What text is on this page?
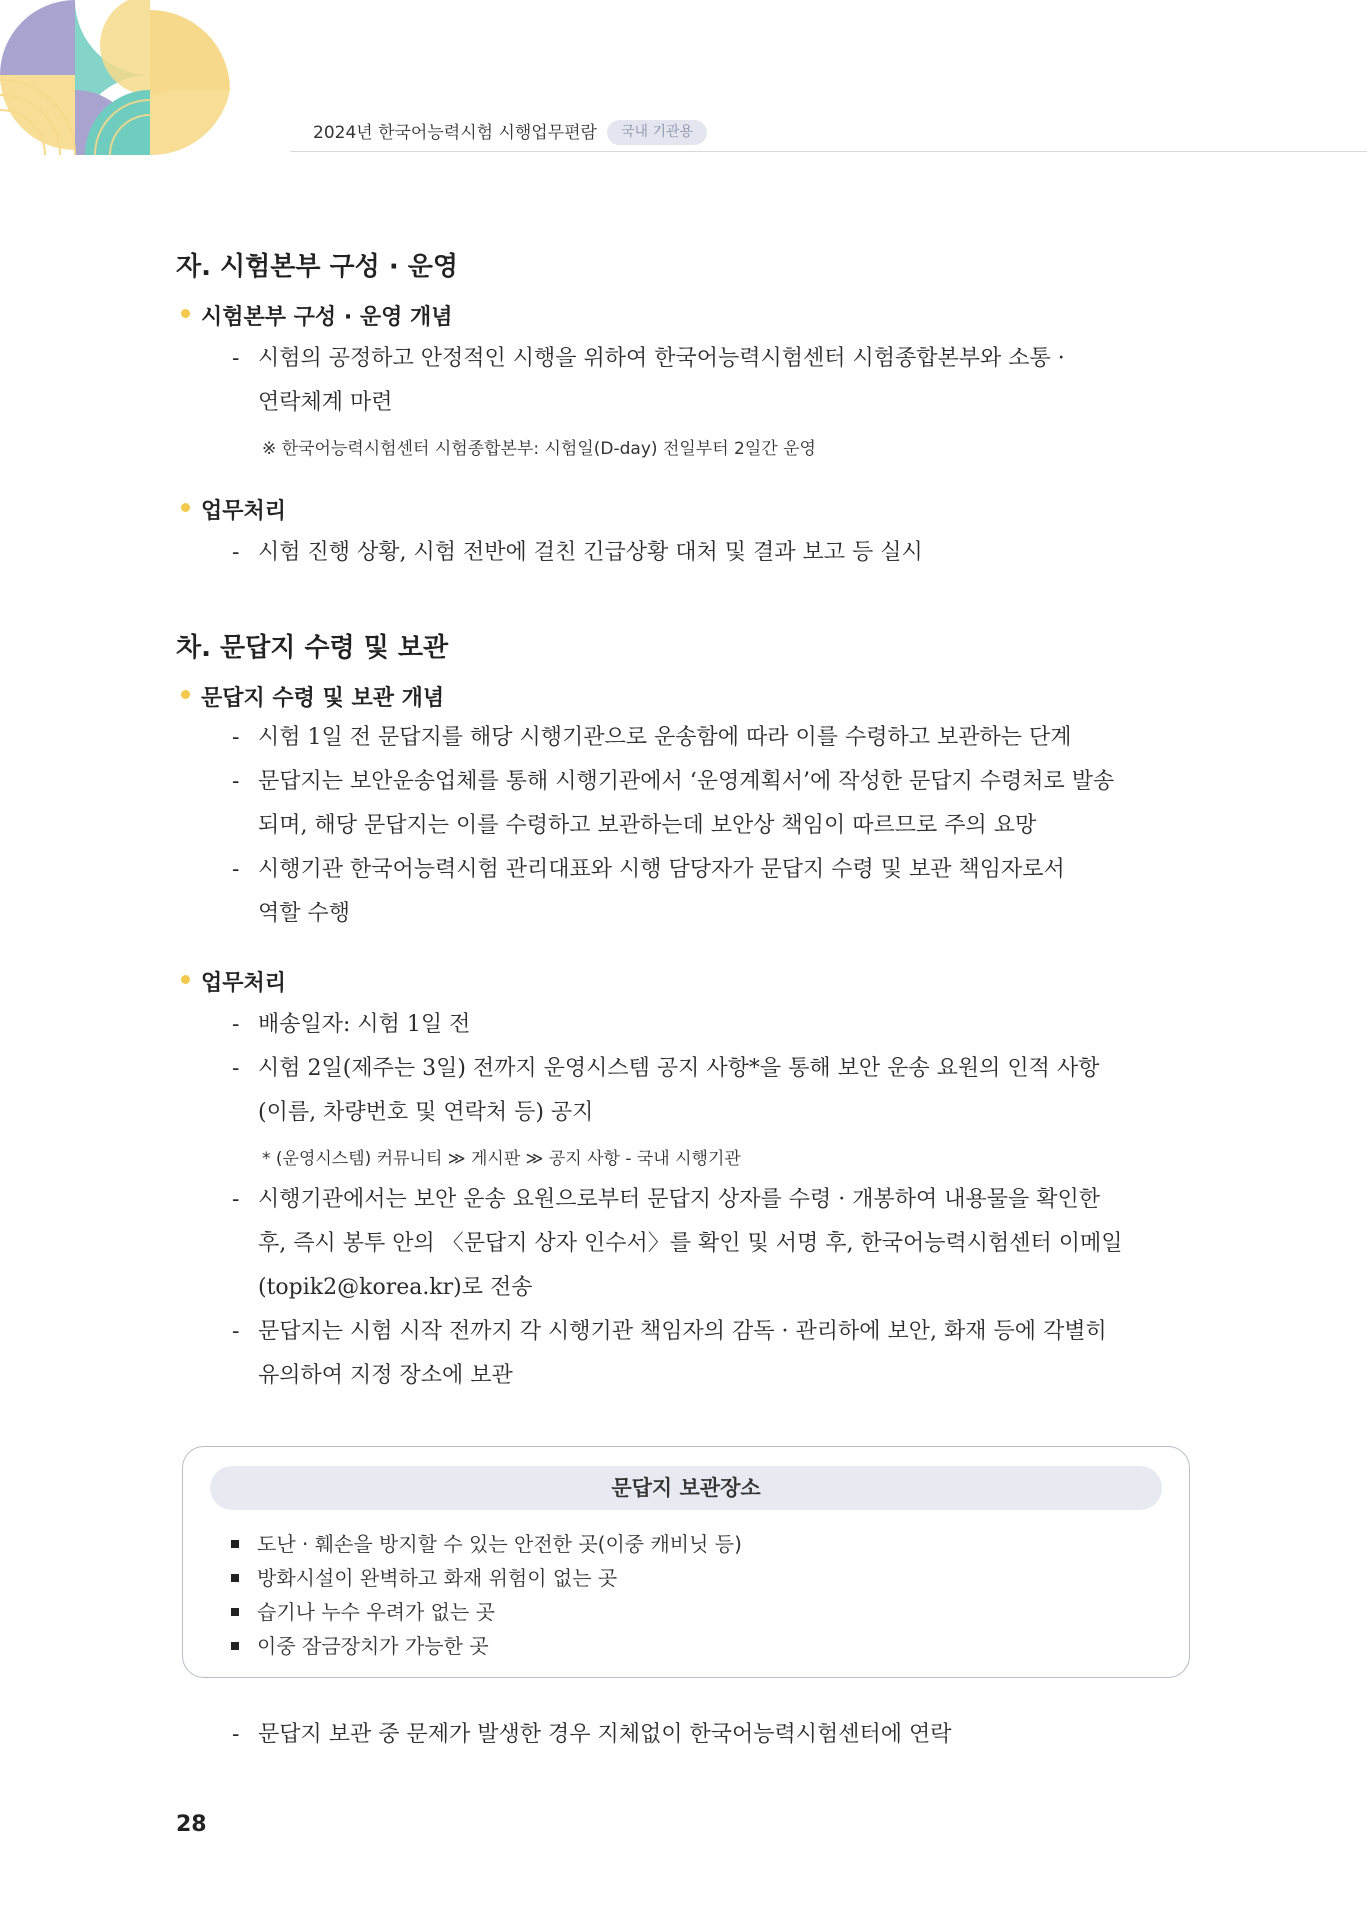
2024년 한국어능력시험 시행업무편람	국내 기관용
자. 시험본부 구성 · 운영
시험본부 구성 · 운영 개념
- 시험의 공정하고 안정적인 시행을 위하여 한국어능력시험센터 시험종합본부와 소통 ·
연락체계 마련
※ 한국어능력시험센터 시험종합본부: 시험일(D-day) 전일부터 2일간 운영
업무처리
- 시험 진행 상황, 시험 전반에 걸친 긴급상황 대처 및 결과 보고 등 실시
차. 문답지 수령 및 보관
문답지 수령 및 보관 개념
- 시험 1일 전 문답지를 해당 시행기관으로 운송함에 따라 이를 수령하고 보관하는 단계
- 문답지는 보안운송업체를 통해 시행기관에서 ‘운영계획서’에 작성한 문답지 수령처로 발송
되며, 해당 문답지는 이를 수령하고 보관하는데 보안상 책임이 따르므로 주의 요망
- 시행기관 한국어능력시험 관리대표와 시행 담당자가 문답지 수령 및 보관 책임자로서
역할 수행
업무처리
- 배송일자: 시험 1일 전
- 시험 2일(제주는 3일) 전까지 운영시스템 공지 사항*을 통해 보안 운송 요원의 인적 사항
(이름, 차량번호 및 연락처 등) 공지
* (운영시스템) 커뮤니티 ≫ 게시판 ≫ 공지 사항 - 국내 시행기관
- 시행기관에서는 보안 운송 요원으로부터 문답지 상자를 수령 · 개봉하여 내용물을 확인한
후, 즉시 봉투 안의 〈문답지 상자 인수서〉를 확인 및 서명 후, 한국어능력시험센터 이메일
(topik2@korea.kr)로 전송
- 문답지는 시험 시작 전까지 각 시행기관 책임자의 감독 · 관리하에 보안, 화재 등에 각별히
유의하여 지정 장소에 보관
문답지 보관장소
도난 · 훼손을 방지할 수 있는 안전한 곳(이중 캐비닛 등)
방화시설이 완벽하고 화재 위험이 없는 곳
습기나 누수 우려가 없는 곳
이중 잠금장치가 가능한 곳
- 문답지 보관 중 문제가 발생한 경우 지체없이 한국어능력시험센터에 연락
28
